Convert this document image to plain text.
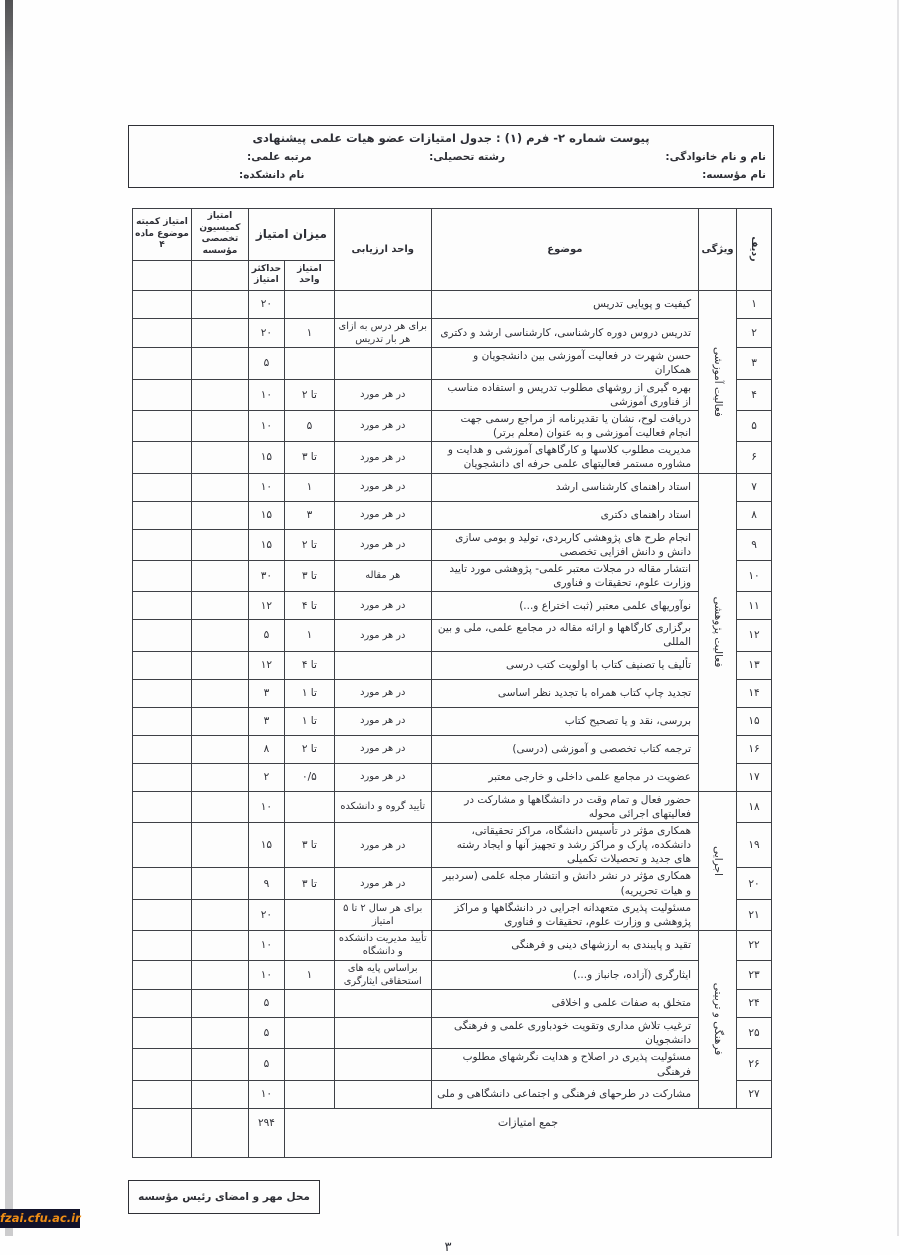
پیوست شماره ۲- فرم (۱) : جدول امتیازات عضو هیات علمی پیشنهادی
نام و نام خانوادگی:
نام مؤسسه:
رشته تحصیلی:
مرتبه علمی:
نام دانشکده:
ردیف	ویژگی	موضوع	واحد ارزیابی	میزان امتیاز		امتیاز کمیسیون تخصصی مؤسسه	امتیاز کمیته موضوع ماده ۴
				امتیاز واحد	حداکثر امتیاز		
۱	فعالیت آموزشی	کیفیت و پویایی تدریس			۲۰		
۲		تدریس دروس دوره کارشناسی، کارشناسی ارشد و دکتری	برای هر درس به ازای هر بار تدریس	۱	۲۰		
۳		حسن شهرت در فعالیت آموزشی بین دانشجویان و همکاران			۵		
۴		بهره گیری از روشهای مطلوب تدریس و استفاده مناسب از فناوری آموزشی	در هر مورد	تا ۲	۱۰		
۵		دریافت لوح، نشان یا تقدیرنامه از مراجع رسمی جهت انجام فعالیت آموزشی و به عنوان (معلم برتر)	در هر مورد	۵	۱۰		
۶		مدیریت مطلوب کلاسها و کارگاههای آموزشی و هدایت و مشاوره مستمر فعالیتهای علمی حرفه ای دانشجویان	در هر مورد	تا ۳	۱۵		
۷	فعالیت پژوهشی	استاد راهنمای کارشناسی ارشد	در هر مورد	۱	۱۰		
۸		استاد راهنمای دکتری	در هر مورد	۳	۱۵		
۹		انجام طرح های پژوهشی کاربردی، تولید و بومی سازی دانش و دانش افزایی تخصصی	در هر مورد	تا ۲	۱۵		
۱۰		انتشار مقاله در مجلات معتبر علمی- پژوهشی مورد تایید وزارت علوم، تحقیقات و فناوری	هر مقاله	تا ۳	۳۰		
۱۱		نوآوریهای علمی معتبر (ثبت اختراع و...)	در هر مورد	تا ۴	۱۲		
۱۲		برگزاری کارگاهها و ارائه مقاله در مجامع علمی، ملی و بین المللی	در هر مورد	۱	۵		
۱۳		تألیف یا تصنیف کتاب با اولویت کتب درسی		تا ۴	۱۲		
۱۴		تجدید چاپ کتاب همراه با تجدید نظر اساسی	در هر مورد	تا ۱	۳		
۱۵		بررسی، نقد و یا تصحیح کتاب	در هر مورد	تا ۱	۳		
۱۶		ترجمه کتاب تخصصی و آموزشی (درسی)	در هر مورد	تا ۲	۸		
۱۷		عضویت در مجامع علمی داخلی و خارجی معتبر	در هر مورد	۰/۵	۲		
۱۸	اجرایی	حضور فعال و تمام وقت در دانشگاهها و مشارکت در فعالیتهای اجرائی محوله	تأیید گروه و دانشکده		۱۰		
۱۹		همکاری مؤثر در تأسیس دانشگاه، مراکز تحقیقاتی، دانشکده، پارک و مراکز رشد و تجهیز آنها و ایجاد رشته های جدید و تحصیلات تکمیلی	در هر مورد	تا ۳	۱۵		
۲۰		همکاری مؤثر در نشر دانش و انتشار مجله علمی (سردبیر و هیات تحریریه)	در هر مورد	تا ۳	۹		
۲۱		مسئولیت پذیری متعهدانه اجرایی در دانشگاهها و مراکز پژوهشی و وزارت علوم، تحقیقات و فناوری	برای هر سال ۲ تا ۵ امتیاز		۲۰		
۲۲	فرهنگی و تربیتی	تقید و پایبندی به ارزشهای دینی و فرهنگی	تأیید مدیریت دانشکده و دانشگاه		۱۰		
۲۳		ایثارگری (آزاده، جانباز و...)	براساس پایه های استحقاقی ایثارگری	۱	۱۰		
۲۴		متخلق به صفات علمی و اخلاقی			۵		
۲۵		ترغیب تلاش مداری وتقویت خودباوری علمی و فرهنگی دانشجویان			۵		
۲۶		مسئولیت پذیری در اصلاح و هدایت نگرشهای مطلوب فرهنگی			۵		
۲۷		مشارکت در طرحهای فرهنگی و اجتماعی دانشگاهی و ملی			۱۰		
جمع امتیازات					۲۹۴		
محل مهر و امضای رئیس مؤسسه
۳
fzai.cfu.ac.ir
